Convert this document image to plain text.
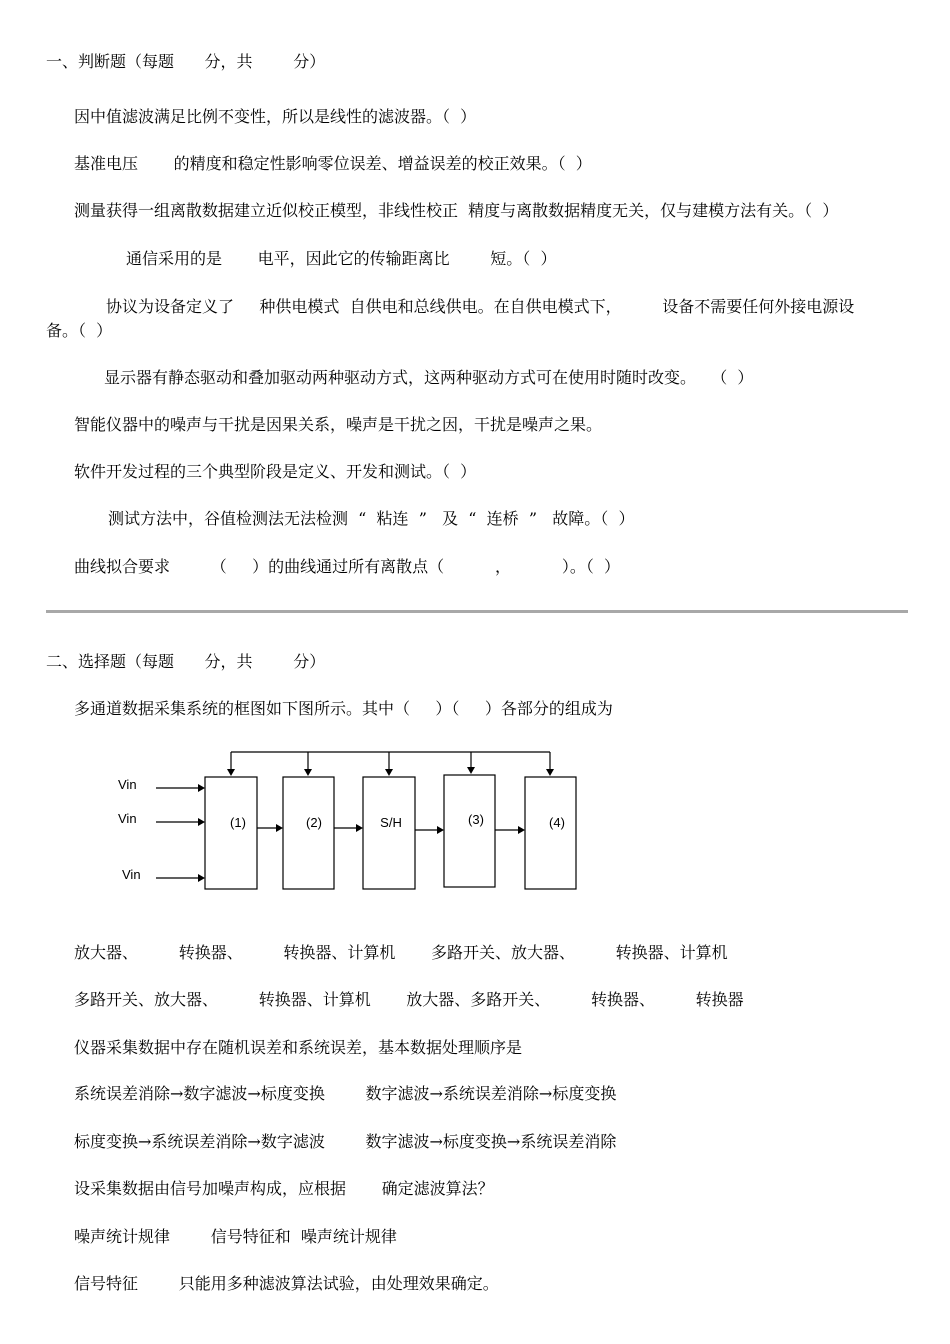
一、判断题（每题      分，共        分）
因中值滤波满足比例不变性，所以是线性的滤波器。（  ）
基准电压       的精度和稳定性影响零位误差、增益误差的校正效果。（  ）
测量获得一组离散数据建立近似校正模型，非线性校正  精度与离散数据精度无关，仅与建模方法有关。（  ）
通信采用的是       电平，因此它的传输距离比        短。（  ）
协议为设备定义了     种供电模式  自供电和总线供电。在自供电模式下，        设备不需要任何外接电源设
备。（  ）
显示器有静态驱动和叠加驱动两种驱动方式，这两种驱动方式可在使用时随时改变。   （  ）
智能仪器中的噪声与干扰是因果关系，噪声是干扰之因，干扰是噪声之果。
软件开发过程的三个典型阶段是定义、开发和测试。（  ）
测试方法中，谷值检测法无法检测  “  粘连  ”   及  “  连桥  ”   故障。（  ）
曲线拟合要求        （     ）的曲线通过所有离散点（          ，          ）。（  ）
二、选择题（每题      分，共        分）
多通道数据采集系统的框图如下图所示。其中（     ）（     ）各部分的组成为
(1)	(2)	S/H	(3)	(4)
Vin
Vin
Vin
放大器、        转换器、        转换器、计算机       多路开关、放大器、        转换器、计算机
多路开关、放大器、        转换器、计算机       放大器、多路开关、        转换器、        转换器
仪器采集数据中存在随机误差和系统误差，基本数据处理顺序是
系统误差消除→数字滤波→标度变换        数字滤波→系统误差消除→标度变换
标度变换→系统误差消除→数字滤波        数字滤波→标度变换→系统误差消除
设采集数据由信号加噪声构成，应根据       确定滤波算法？
噪声统计规律        信号特征和  噪声统计规律
信号特征        只能用多种滤波算法试验，由处理效果确定。
